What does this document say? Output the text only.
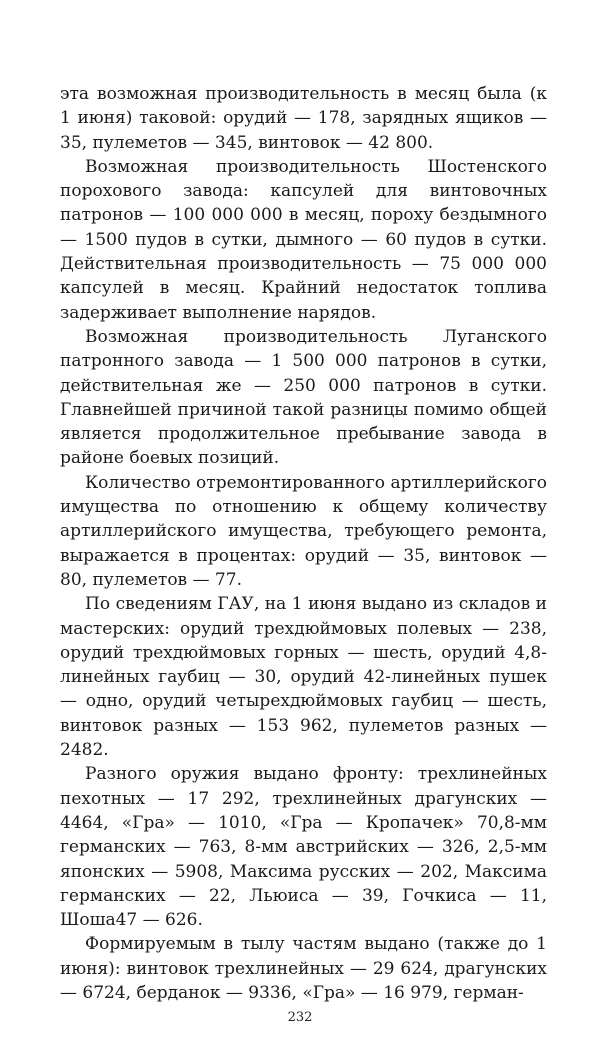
эта возможная производительность в месяц была (к 1 июня) таковой: орудий — 178, зарядных ящиков — 35, пулеметов — 345, винтовок — 42 800.

Возможная производительность Шостенского порохового завода: капсулей для винтовочных патронов — 100 000 000 в месяц, пороху бездымного — 1500 пудов в сутки, дымного — 60 пудов в сутки. Действительная производительность — 75 000 000 капсулей в месяц. Крайний недостаток топлива задерживает выполнение нарядов.

Возможная производительность Луганского патронного завода — 1 500 000 патронов в сутки, действительная же — 250 000 патронов в сутки. Главнейшей причиной такой разницы помимо общей является продолжительное пребывание завода в районе боевых позиций.

Количество отремонтированного артиллерийского имущества по отношению к общему количеству артиллерийского имущества, требующего ремонта, выражается в процентах: орудий — 35, винтовок — 80, пулеметов — 77.

По сведениям ГАУ, на 1 июня выдано из складов и мастерских: орудий трехдюймовых полевых — 238, орудий трехдюймовых горных — шесть, орудий 4,8-линейных гаубиц — 30, орудий 42-линейных пушек — одно, орудий четырехдюймовых гаубиц — шесть, винтовок разных — 153 962, пулеметов разных — 2482.

Разного оружия выдано фронту: трехлинейных пехотных — 17 292, трехлинейных драгунских — 4464, «Гра» — 1010, «Гра — Кропачек» 70,8-мм германских — 763, 8-мм австрийских — 326, 2,5-мм японских — 5908, Максима русских — 202, Максима германских — 22, Льюиса — 39, Гочкиса — 11, Шоша47 — 626.

Формируемым в тылу частям выдано (также до 1 июня): винтовок трехлинейных — 29 624, драгунских — 6724, берданок — 9336, «Гра» — 16 979, герман-

232
